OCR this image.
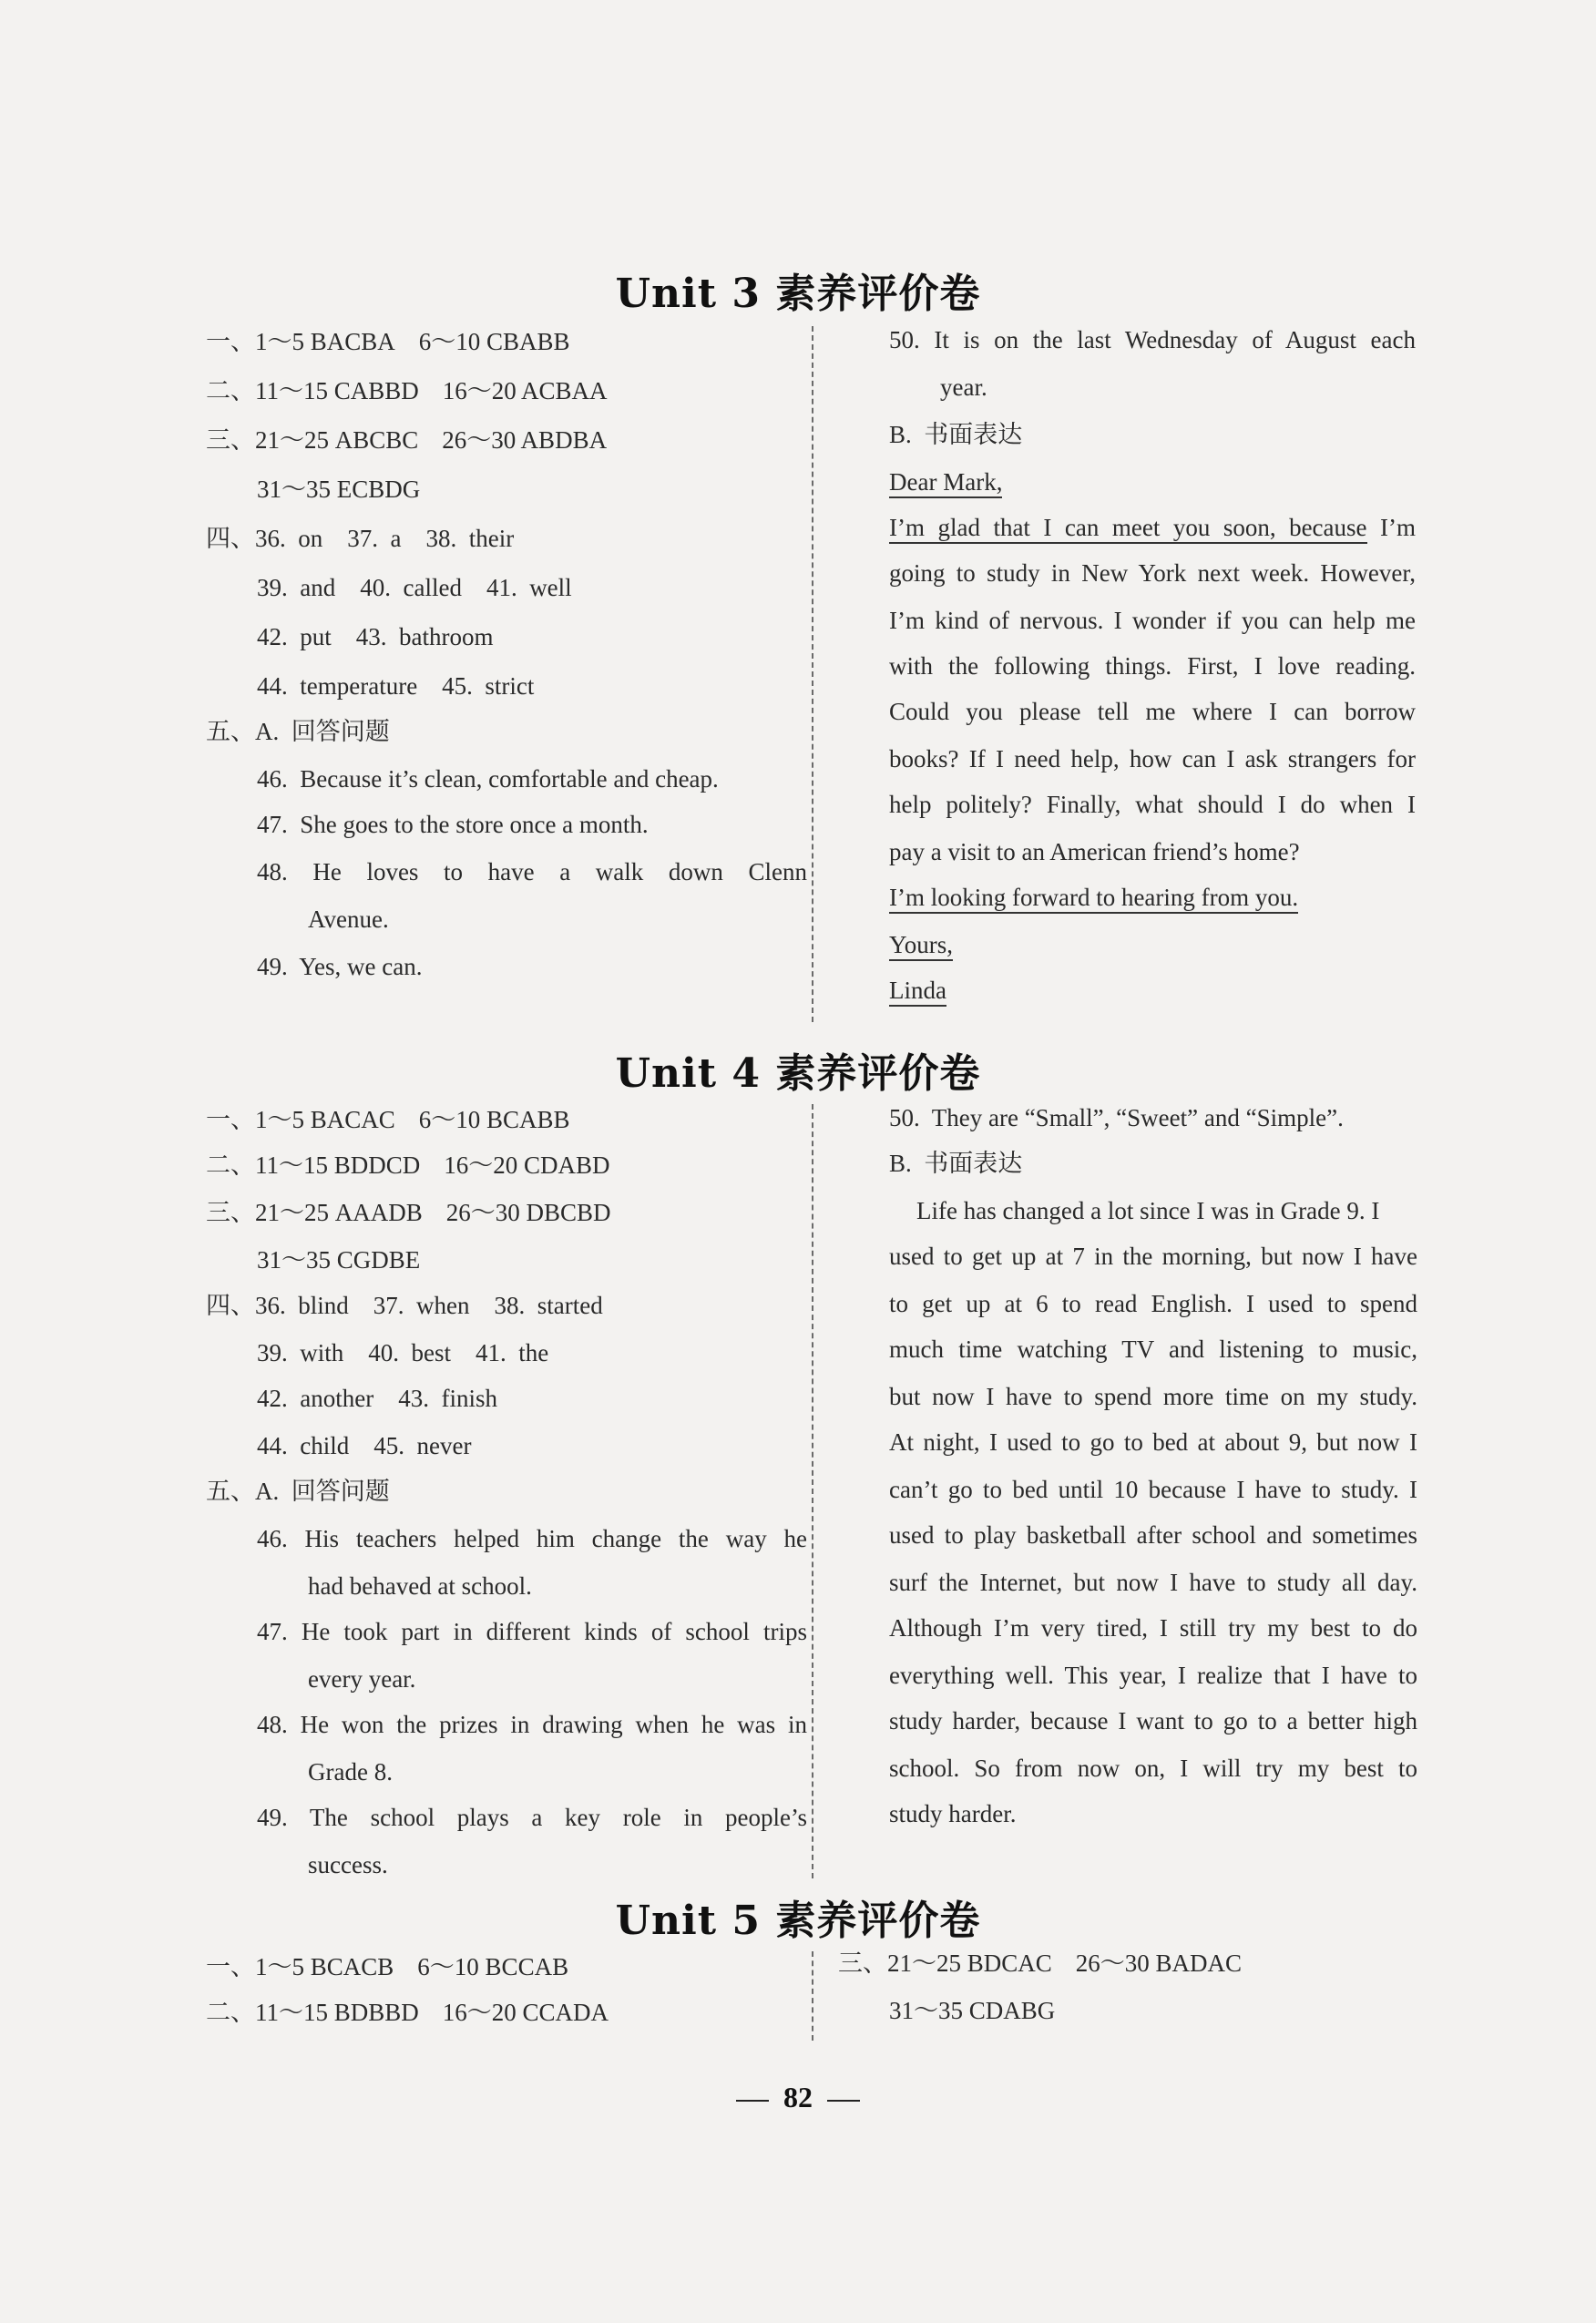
Unit 3 素养评价卷
一、1～5 BACBA 6～10 CBABB
二、11～15 CABBD 16～20 ACBAA
三、21～25 ABCBC 26～30 ABDBA
31～35 ECBDG
四、36.  on    37.  a    38.  their
39.  and    40.  called    41.  well
42.  put    43.  bathroom
44.  temperature    45.  strict
五、A.  回答问题
46.  Because it’s clean, comfortable and cheap.
47.  She goes to the store once a month.
48. He loves to have a walk down Clenn
Avenue.
49.  Yes, we can.
50. It is on the last Wednesday of August each
year.
B.  书面表达
Dear Mark,
I’m glad that I can meet you soon, because I’m
going to study in New York next week. However,
I’m kind of nervous. I wonder if you can help me
with the following things. First, I love reading.
Could you please tell me where I can borrow
books? If I need help, how can I ask strangers for
help politely? Finally, what should I do when I
pay a visit to an American friend’s home?
I’m looking forward to hearing from you.
Yours,
Linda
Unit 4 素养评价卷
一、1～5 BACAC 6～10 BCABB
二、11～15 BDDCD 16～20 CDABD
三、21～25 AAADB 26～30 DBCBD
31～35 CGDBE
四、36.  blind    37.  when    38.  started
39.  with    40.  best    41.  the
42.  another    43.  finish
44.  child    45.  never
五、A.  回答问题
46. His teachers helped him change the way he
had behaved at school.
47. He took part in different kinds of school trips
every year.
48. He won the prizes in drawing when he was in
Grade 8.
49. The school plays a key role in people’s
success.
50.  They are “Small”, “Sweet” and “Simple”.
B.  书面表达
Life has changed a lot since I was in Grade 9. I
used to get up at 7 in the morning, but now I have
to get up at 6 to read English. I used to spend
much time watching TV and listening to music,
but now I have to spend more time on my study.
At night, I used to go to bed at about 9, but now I
can’t go to bed until 10 because I have to study. I
used to play basketball after school and sometimes
surf the Internet, but now I have to study all day.
Although I’m very tired, I still try my best to do
everything well. This year, I realize that I have to
study harder, because I want to go to a better high
school. So from now on, I will try my best to
study harder.
Unit 5 素养评价卷
一、1～5 BCACB 6～10 BCCAB
二、11～15 BDBBD 16～20 CCADA
三、21～25 BDCAC 26～30 BADAC
31～35 CDABG
82
